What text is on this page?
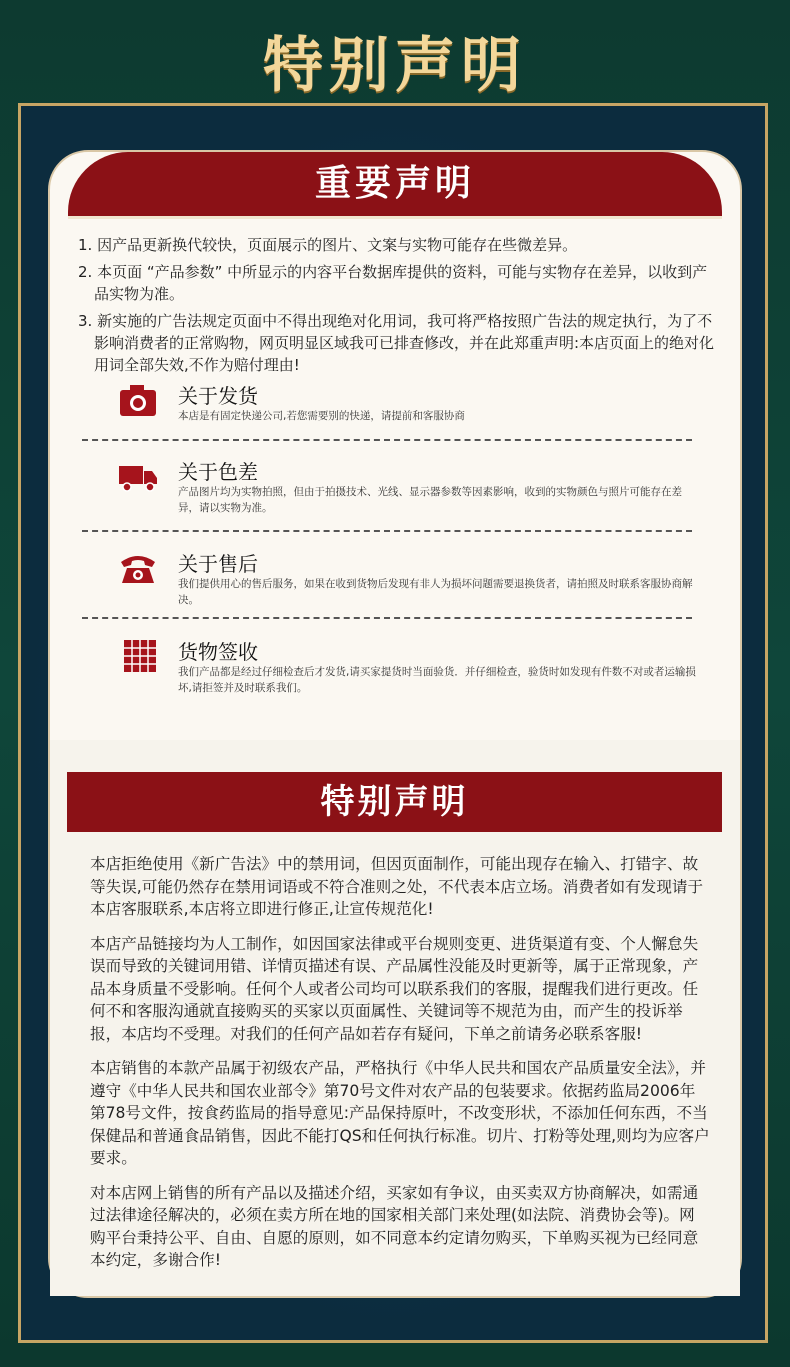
特别声明
重要声明

1. 因产品更新换代较快，页面展示的图片、文案与实物可能存在些微差异。

2. 本页面 “产品参数” 中所显示的内容平台数据库提供的资料，可能与实物存在差异，以收到产品实物为准。

3. 新实施的广告法规定页面中不得出现绝对化用词，我可将严格按照广告法的规定执行，为了不影响消费者的正常购物，网页明显区域我可已排查修改，并在此郑重声明:本店页面上的绝对化用词全部失效,不作为赔付理由!

关于发货
本店是有固定快递公司,若您需要别的快递，请提前和客服协商
关于色差
产品图片均为实物拍照，但由于拍摄技术、光线、显示器参数等因素影响，收到的实物颜色与照片可能存在差异，请以实物为准。
关于售后
我们提供用心的售后服务，如果在收到货物后发现有非人为损坏问题需要退换货者，请拍照及时联系客服协商解决。
货物签收
我们产品都是经过仔细检查后才发货,请买家提货时当面验货．并仔细检查，验货时如发现有件数不对或者运输损坏,请拒签并及时联系我们。
特别声明

本店拒绝使用《新广告法》中的禁用词，但因页面制作，可能出现存在输入、打错字、故等失误,可能仍然存在禁用词语或不符合准则之处，不代表本店立场。消费者如有发现请于本店客服联系,本店将立即进行修正,让宣传规范化!

本店产品链接均为人工制作，如因国家法律或平台规则变更、进货渠道有变、个人懈怠失误而导致的关键词用错、详情页描述有误、产品属性没能及时更新等，属于正常现象，产品本身质量不受影响。任何个人或者公司均可以联系我们的客服，提醒我们进行更改。任何不和客服沟通就直接购买的买家以页面属性、关键词等不规范为由，而产生的投诉举报，本店均不受理。对我们的任何产品如若存有疑问，下单之前请务必联系客服!

本店销售的本款产品属于初级农产品，严格执行《中华人民共和国农产品质量安全法》，并遵守《中华人民共和国农业部令》第70号文件对农产品的包装要求。依据药监局2006年第78号文件，按食药监局的指导意见:产品保持原叶，不改变形状，不添加任何东西，不当保健品和普通食品销售，因此不能打QS和任何执行标准。切片、打粉等处理,则均为应客户要求。

对本店网上销售的所有产品以及描述介绍，买家如有争议，由买卖双方协商解决，如需通过法律途径解决的，必须在卖方所在地的国家相关部门来处理(如法院、消费协会等)。网购平台秉持公平、自由、自愿的原则，如不同意本约定请勿购买，下单购买视为已经同意本约定，多谢合作!
